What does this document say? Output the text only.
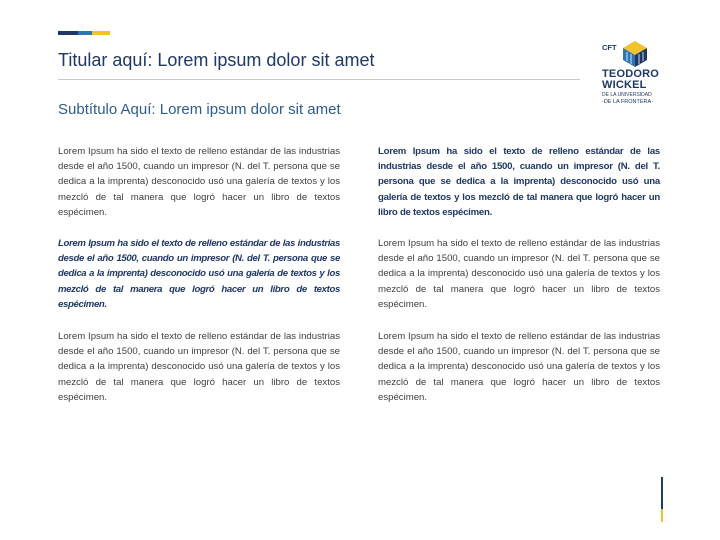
Titular aquí: Lorem ipsum dolor sit amet
Subtítulo Aquí: Lorem ipsum dolor sit amet
CFT
TEODORO
WICKEL
DE LA UNIVERSIDAD
-DE LA FRONTERA-

Lorem Ipsum ha sido el texto de relleno estándar de las industrias desde el año 1500, cuando un impresor (N. del T. persona que se dedica a la imprenta) desconocido usó una galería de textos y los mezcló de tal manera que logró hacer un libro de textos espécimen.

Lorem Ipsum ha sido el texto de relleno estándar de las industrias desde el año 1500, cuando un impresor (N. del T. persona que se dedica a la imprenta) desconocido usó una galería de textos y los mezcló de tal manera que logró hacer un libro de textos espécimen.

Lorem Ipsum ha sido el texto de relleno estándar de las industrias desde el año 1500, cuando un impresor (N. del T. persona que se dedica a la imprenta) desconocido usó una galería de textos y los mezcló de tal manera que logró hacer un libro de textos espécimen.

Lorem Ipsum ha sido el texto de relleno estándar de las industrias desde el año 1500, cuando un impresor (N. del T. persona que se dedica a la imprenta) desconocido usó una galería de textos y los mezcló de tal manera que logró hacer un libro de textos espécimen.

Lorem Ipsum ha sido el texto de relleno estándar de las industrias desde el año 1500, cuando un impresor (N. del T. persona que se dedica a la imprenta) desconocido usó una galería de textos y los mezcló de tal manera que logró hacer un libro de textos espécimen.

Lorem Ipsum ha sido el texto de relleno estándar de las industrias desde el año 1500, cuando un impresor (N. del T. persona que se dedica a la imprenta) desconocido usó una galería de textos y los mezcló de tal manera que logró hacer un libro de textos espécimen.
